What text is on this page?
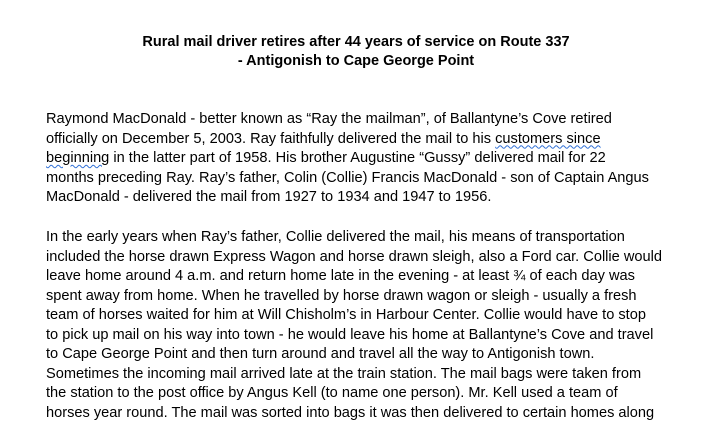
Rural mail driver retires after 44 years of service on Route 337
- Antigonish to Cape George Point
Raymond MacDonald - better known as “Ray the mailman”, of Ballantyne’s Cove retired
officially on December 5, 2003. Ray faithfully delivered the mail to his customers since
beginning in the latter part of 1958. His brother Augustine “Gussy” delivered mail for 22
months preceding Ray. Ray’s father, Colin (Collie) Francis MacDonald - son of Captain Angus
MacDonald - delivered the mail from 1927 to 1934 and 1947 to 1956.
In the early years when Ray’s father, Collie delivered the mail, his means of transportation
included the horse drawn Express Wagon and horse drawn sleigh, also a Ford car. Collie would
leave home around 4 a.m. and return home late in the evening - at least ¾ of each day was
spent away from home. When he travelled by horse drawn wagon or sleigh - usually a fresh
team of horses waited for him at Will Chisholm’s in Harbour Center. Collie would have to stop
to pick up mail on his way into town - he would leave his home at Ballantyne’s Cove and travel
to Cape George Point and then turn around and travel all the way to Antigonish town.
Sometimes the incoming mail arrived late at the train station. The mail bags were taken from
the station to the post office by Angus Kell (to name one person). Mr. Kell used a team of
horses year round. The mail was sorted into bags it was then delivered to certain homes along
